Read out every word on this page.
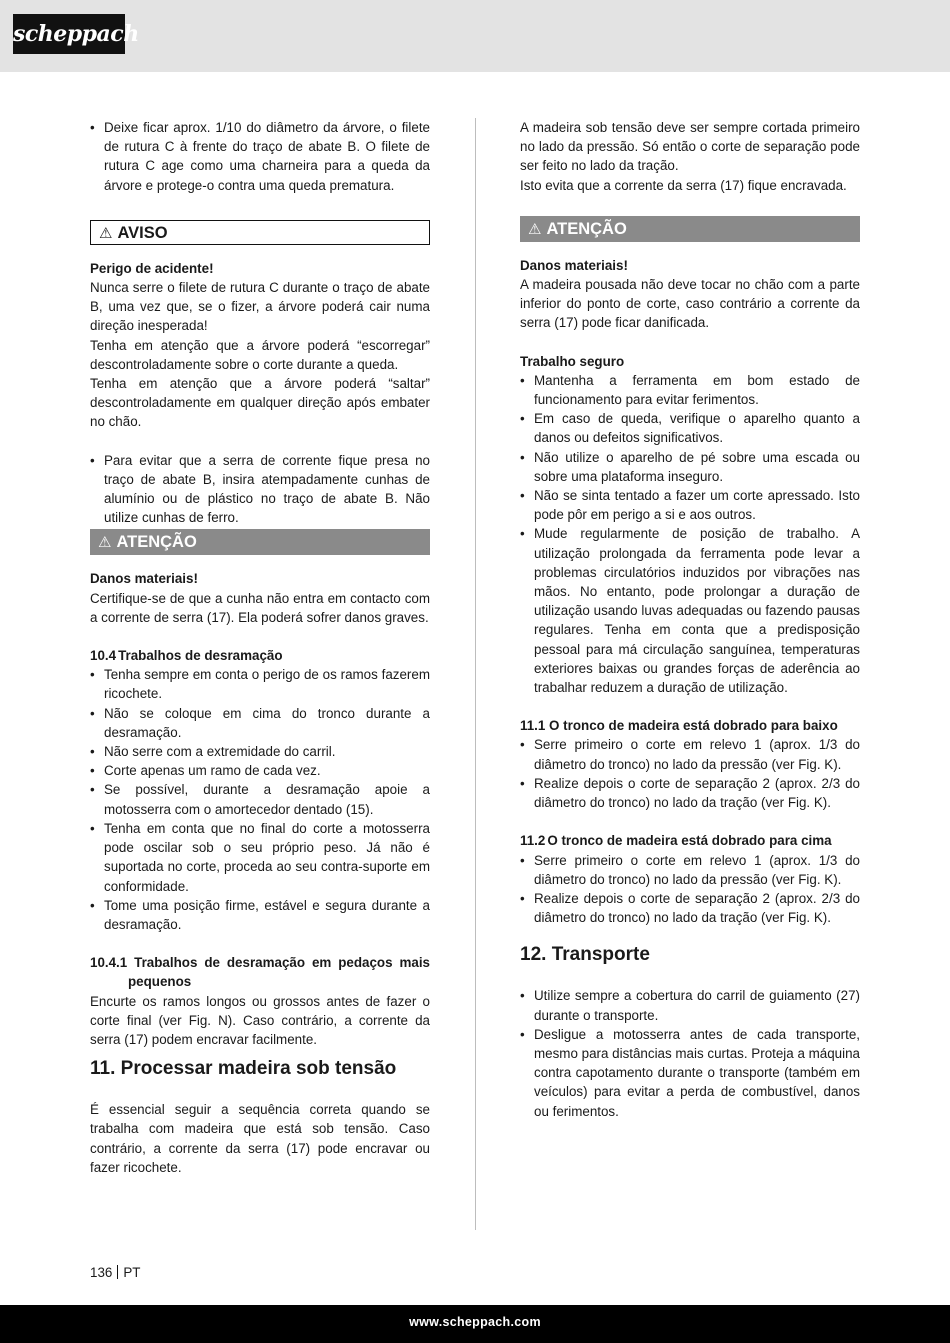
scheppach
• Deixe ficar aprox. 1/10 do diâmetro da árvore, o filete de rutura C à frente do traço de abate B. O filete de rutura C age como uma charneira para a queda da árvore e protege-o contra uma queda prematura.
⚠ AVISO

Perigo de acidente!

Nunca serre o filete de rutura C durante o traço de abate B, uma vez que, se o fizer, a árvore poderá cair numa direção inesperada!

Tenha em atenção que a árvore poderá “escorregar” descontroladamente sobre o corte durante a queda.

Tenha em atenção que a árvore poderá “saltar” descontroladamente em qualquer direção após embater no chão.

• Para evitar que a serra de corrente fique presa no traço de abate B, insira atempadamente cunhas de alumínio ou de plástico no traço de abate B. Não utilize cunhas de ferro.
⚠ ATENÇÃO

Danos materiais!

Certifique-se de que a cunha não entra em contacto com a corrente de serra (17). Ela poderá sofrer danos graves.

10.4 Trabalhos de desramação
• Tenha sempre em conta o perigo de os ramos fazerem ricochete.
• Não se coloque em cima do tronco durante a desramação.
• Não serre com a extremidade do carril.
• Corte apenas um ramo de cada vez.
• Se possível, durante a desramação apoie a motosserra com o amortecedor dentado (15).
• Tenha em conta que no final do corte a motosserra pode oscilar sob o seu próprio peso. Já não é suportada no corte, proceda ao seu contra-suporte em conformidade.
• Tome uma posição firme, estável e segura durante a desramação.

10.4.1 Trabalhos de desramação em pedaços mais pequenos

Encurte os ramos longos ou grossos antes de fazer o corte final (ver Fig. N). Caso contrário, a corrente da serra (17) podem encravar facilmente.

11. Processar madeira sob tensão

É essencial seguir a sequência correta quando se trabalha com madeira que está sob tensão. Caso contrário, a corrente da serra (17) pode encravar ou fazer ricochete.

A madeira sob tensão deve ser sempre cortada primeiro no lado da pressão. Só então o corte de separação pode ser feito no lado da tração.

Isto evita que a corrente da serra (17) fique encravada.

⚠ ATENÇÃO

Danos materiais!

A madeira pousada não deve tocar no chão com a parte inferior do ponto de corte, caso contrário a corrente da serra (17) pode ficar danificada.

Trabalho seguro

• Mantenha a ferramenta em bom estado de funcionamento para evitar ferimentos.
• Em caso de queda, verifique o aparelho quanto a danos ou defeitos significativos.
• Não utilize o aparelho de pé sobre uma escada ou sobre uma plataforma inseguro.
• Não se sinta tentado a fazer um corte apressado. Isto pode pôr em perigo a si e aos outros.
• Mude regularmente de posição de trabalho. A utilização prolongada da ferramenta pode levar a problemas circulatórios induzidos por vibrações nas mãos. No entanto, pode prolongar a duração de utilização usando luvas adequadas ou fazendo pausas regulares. Tenha em conta que a predisposição pessoal para má circulação sanguínea, temperaturas exteriores baixas ou grandes forças de aderência ao trabalhar reduzem a duração de utilização.

11.1 O tronco de madeira está dobrado para baixo

• Serre primeiro o corte em relevo 1 (aprox. 1/3 do diâmetro do tronco) no lado da pressão (ver Fig. K).
• Realize depois o corte de separação 2 (aprox. 2/3 do diâmetro do tronco) no lado da tração (ver Fig. K).
11.2 O tronco de madeira está dobrado para cima
• Serre primeiro o corte em relevo 1 (aprox. 1/3 do diâmetro do tronco) no lado da pressão (ver Fig. K).
• Realize depois o corte de separação 2 (aprox. 2/3 do diâmetro do tronco) no lado da tração (ver Fig. K).
12. Transporte
• Utilize sempre a cobertura do carril de guiamento (27) durante o transporte.
• Desligue a motosserra antes de cada transporte, mesmo para distâncias mais curtas. Proteja a máquina contra capotamento durante o transporte (também em veículos) para evitar a perda de combustível, danos ou ferimentos.
136 PT
www.scheppach.com
